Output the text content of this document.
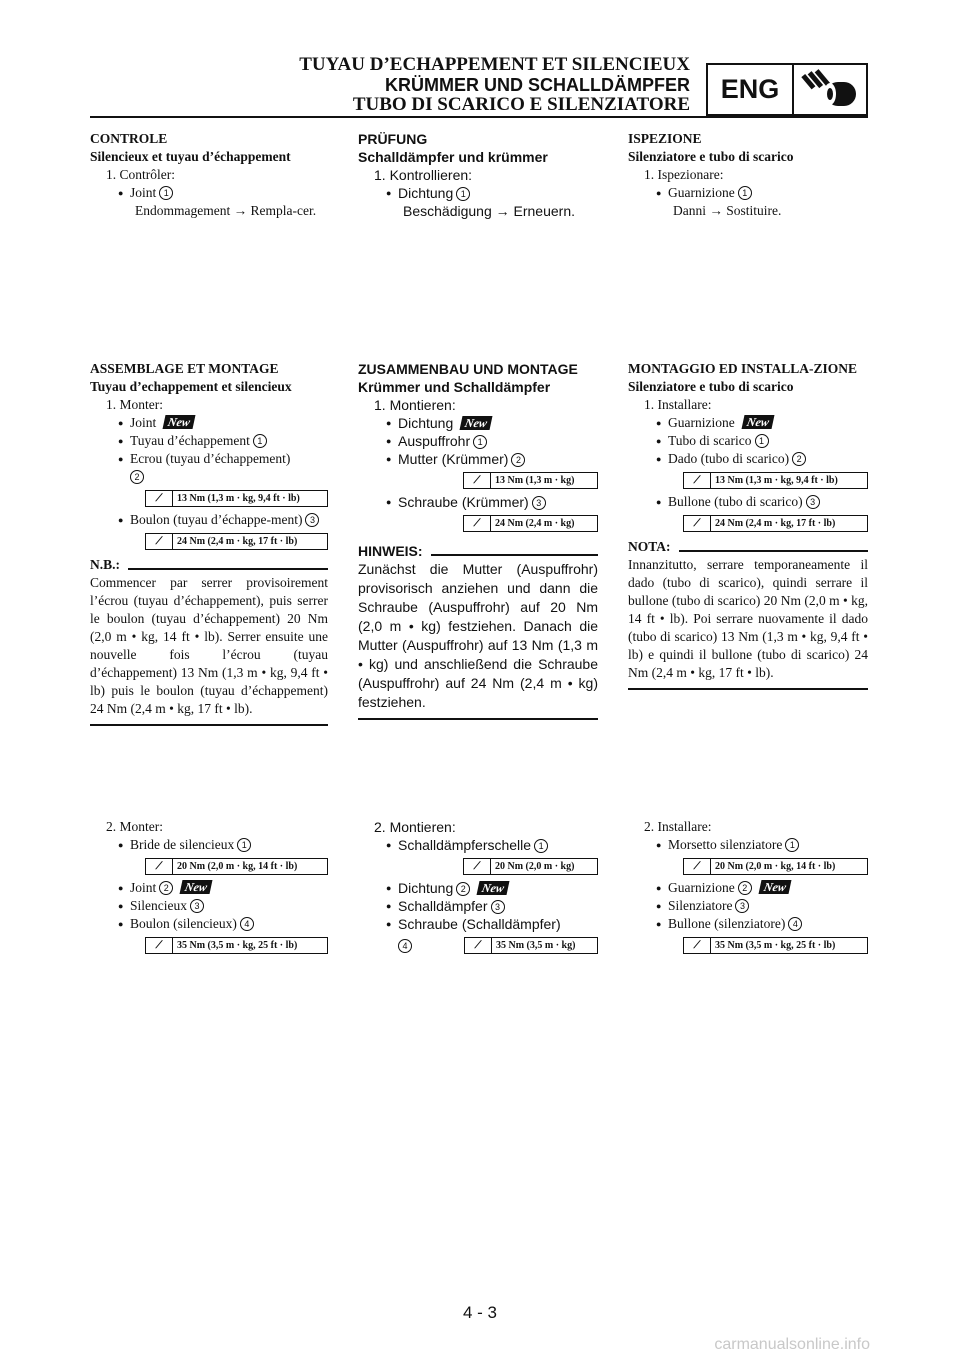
TUYAU D’ECHAPPEMENT ET SILENCIEUX
KRÜMMER UND SCHALLDÄMPFER
TUBO DI SCARICO E SILENZIATORE
ENG
CONTROLE
Silencieux et tuyau d’échappement
1. Contrôler:
● Joint 1
Endommagement → Rempla-cer.
PRÜFUNG
Schalldämpfer und krümmer
1. Kontrollieren:
● Dichtung 1
Beschädigung → Erneuern.
ISPEZIONE
Silenziatore e tubo di scarico
1. Ispezionare:
● Guarnizione 1
Danni → Sostituire.
ASSEMBLAGE ET MONTAGE
Tuyau d’echappement et silencieux
1. Monter:
● Joint New
● Tuyau d’échappement 1
● Ecrou (tuyau d’échappement)
2
⟋	13 Nm (1,3 m · kg, 9,4 ft · lb)
● Boulon (tuyau d’échappe-ment) 3
⟋	24 Nm (2,4 m · kg, 17 ft · lb)
N.B.:
Commencer par serrer provisoirement l’écrou (tuyau d’échappement), puis serrer le boulon (tuyau d’échappement) 20 Nm (2,0 m • kg, 14 ft • lb). Serrer ensuite une nouvelle fois l’écrou (tuyau d’échappement) 13 Nm (1,3 m • kg, 9,4 ft • lb) puis le boulon (tuyau d’échappement) 24 Nm (2,4 m • kg, 17 ft • lb).
ZUSAMMENBAU UND MONTAGE
Krümmer und Schalldämpfer
1. Montieren:
● Dichtung New
● Auspuffrohr 1
● Mutter (Krümmer) 2
⟋	13 Nm (1,3 m · kg)
● Schraube (Krümmer) 3
⟋	24 Nm (2,4 m · kg)
HINWEIS:
Zunächst die Mutter (Auspuffrohr) provisorisch anziehen und dann die Schraube (Auspuffrohr) auf 20 Nm (2,0 m • kg) festziehen. Danach die Mutter (Auspuffrohr) auf 13 Nm (1,3 m • kg) und anschließend die Schraube (Auspuffrohr) auf 24 Nm (2,4 m • kg) festziehen.
MONTAGGIO ED INSTALLA-ZIONE
Silenziatore e tubo di scarico
1. Installare:
● Guarnizione New
● Tubo di scarico 1
● Dado (tubo di scarico) 2
⟋	13 Nm (1,3 m · kg, 9,4 ft · lb)
● Bullone (tubo di scarico) 3
⟋	24 Nm (2,4 m · kg, 17 ft · lb)
NOTA:
Innanzitutto, serrare temporaneamente il dado (tubo di scarico), quindi serrare il bullone (tubo di scarico) 20 Nm (2,0 m • kg, 14 ft • lb). Poi serrare nuovamente il dado (tubo di scarico) 13 Nm (1,3 m • kg, 9,4 ft • lb) e quindi il bullone (tubo di scarico) 24 Nm (2,4 m • kg, 17 ft • lb).
2. Monter:
● Bride de silencieux 1
⟋	20 Nm (2,0 m · kg, 14 ft · lb)
● Joint 2 New
● Silencieux 3
● Boulon (silencieux) 4
⟋	35 Nm (3,5 m · kg, 25 ft · lb)
2. Montieren:
● Schalldämpferschelle 1
⟋	20 Nm (2,0 m · kg)
● Dichtung 2 New
● Schalldämpfer 3
● Schraube (Schalldämpfer)
4	⟋	35 Nm (3,5 m · kg)
2. Installare:
● Morsetto silenziatore 1
⟋	20 Nm (2,0 m · kg, 14 ft · lb)
● Guarnizione 2 New
● Silenziatore 3
● Bullone (silenziatore) 4
⟋	35 Nm (3,5 m · kg, 25 ft · lb)
4 - 3
carmanualsonline.info
